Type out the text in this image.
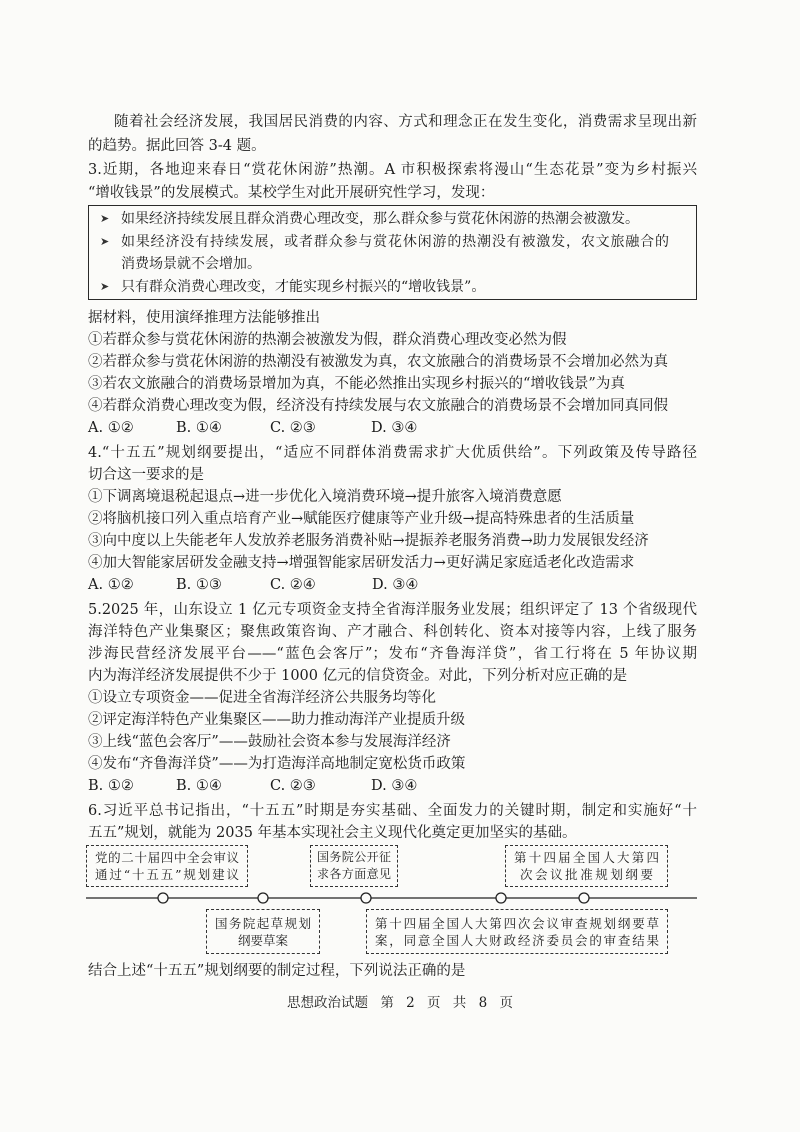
随着社会经济发展，我国居民消费的内容、方式和理念正在发生变化，消费需求呈现出新
的趋势。据此回答 3-4 题。
3.近期，各地迎来春日“赏花休闲游”热潮。A 市积极探索将漫山“生态花景”变为乡村振兴
“增收钱景”的发展模式。某校学生对此开展研究性学习，发现：
➤ 如果经济持续发展且群众消费心理改变，那么群众参与赏花休闲游的热潮会被激发。
➤ 如果经济没有持续发展，或者群众参与赏花休闲游的热潮没有被激发，农文旅融合的
消费场景就不会增加。
➤ 只有群众消费心理改变，才能实现乡村振兴的“增收钱景”。
据材料，使用演绎推理方法能够推出
①若群众参与赏花休闲游的热潮会被激发为假，群众消费心理改变必然为假
②若群众参与赏花休闲游的热潮没有被激发为真，农文旅融合的消费场景不会增加必然为真
③若农文旅融合的消费场景增加为真，不能必然推出实现乡村振兴的“增收钱景”为真
④若群众消费心理改变为假，经济没有持续发展与农文旅融合的消费场景不会增加同真同假
A. ①②	B. ①④	C. ②③	D. ③④
4.“十五五”规划纲要提出，“适应不同群体消费需求扩大优质供给”。下列政策及传导路径
切合这一要求的是
①下调离境退税起退点→进一步优化入境消费环境→提升旅客入境消费意愿
②将脑机接口列入重点培育产业→赋能医疗健康等产业升级→提高特殊患者的生活质量
③向中度以上失能老年人发放养老服务消费补贴→提振养老服务消费→助力发展银发经济
④加大智能家居研发金融支持→增强智能家居研发活力→更好满足家庭适老化改造需求
A. ①②	B. ①③	C. ②④	D. ③④
5.2025 年，山东设立 1 亿元专项资金支持全省海洋服务业发展；组织评定了 13 个省级现代
海洋特色产业集聚区；聚焦政策咨询、产才融合、科创转化、资本对接等内容，上线了服务
涉海民营经济发展平台——“蓝色会客厅”；发布“齐鲁海洋贷”，省工行将在 5 年协议期
内为海洋经济发展提供不少于 1000 亿元的信贷资金。对此，下列分析对应正确的是
①设立专项资金——促进全省海洋经济公共服务均等化
②评定海洋特色产业集聚区——助力推动海洋产业提质升级
③上线“蓝色会客厅”——鼓励社会资本参与发展海洋经济
④发布“齐鲁海洋贷”——为打造海洋高地制定宽松货币政策
B. ①②	B. ①④	C. ②③	D. ③④
6.习近平总书记指出，“十五五”时期是夯实基础、全面发力的关键时期，制定和实施好“十
五五”规划，就能为 2035 年基本实现社会主义现代化奠定更加坚实的基础。
党的二十届四中全会审议
通过“十五五”规划建议
国务院公开征
求各方面意见
第十四届全国人大第四
次会议批准规划纲要
国务院起草规划
纲要草案
第十四届全国人大第四次会议审查规划纲要草
案，同意全国人大财政经济委员会的审查结果
结合上述“十五五”规划纲要的制定过程，下列说法正确的是
思想政治试题 第 2 页 共 8 页
